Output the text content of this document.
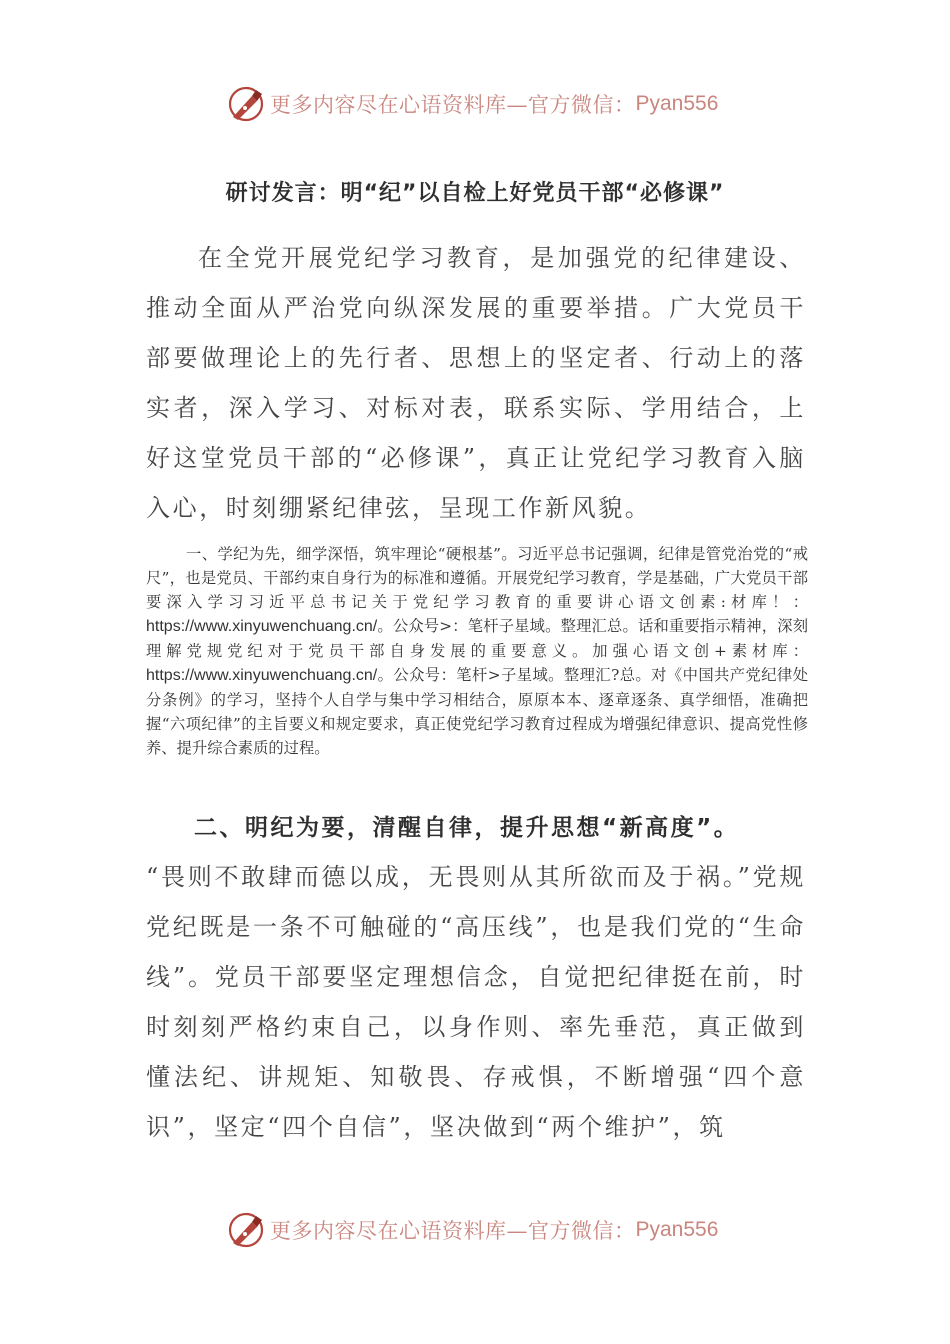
更多内容尽在心语资料库—官方微信： Pyan556
研讨发言：明“纪”以自检上好党员干部“必修课”

在全党开展党纪学习教育，是加强党的纪律建设、推动全面从严治党向纵深发展的重要举措。广大党员干部要做理论上的先行者、思想上的坚定者、行动上的落实者，深入学习、对标对表，联系实际、学用结合，上好这堂党员干部的“必修课”，真正让党纪学习教育入脑入心，时刻绷紧纪律弦，呈现工作新风貌。

一、学纪为先，细学深悟，筑牢理论“硬根基”。习近平总书记强调，纪律是管党治党的“戒尺”，也是党员、干部约束自身行为的标准和遵循。开展党纪学习教育，学是基础，广大党员干部要深入学习习近平总书记关于党纪学习教育的重要讲心语文创素:材库！：https://www.xinyuwenchuang.cn/。公众号>：笔杆子星域。整理汇总。话和重要指示精神，深刻理解党规党纪对于党员干部自身发展的重要意义。加强心语文创+素材库：https://www.xinyuwenchuang.cn/。公众号：笔杆>子星域。整理汇?总。对《中国共产党纪律处分条例》的学习，坚持个人自学与集中学习相结合，原原本本、逐章逐条、真学细悟，准确把握“六项纪律”的主旨要义和规定要求，真正使党纪学习教育过程成为增强纪律意识、提高党性修养、提升综合素质的过程。

二、明纪为要，清醒自律，提升思想“新高度”。

“畏则不敢肆而德以成，无畏则从其所欲而及于祸。”党规党纪既是一条不可触碰的“高压线”，也是我们党的“生命线”。党员干部要坚定理想信念，自觉把纪律挺在前，时时刻刻严格约束自己，以身作则、率先垂范，真正做到懂法纪、讲规矩、知敬畏、存戒惧，不断增强“四个意识”，坚定“四个自信”，坚决做到“两个维护”，筑

更多内容尽在心语资料库—官方微信： Pyan556
